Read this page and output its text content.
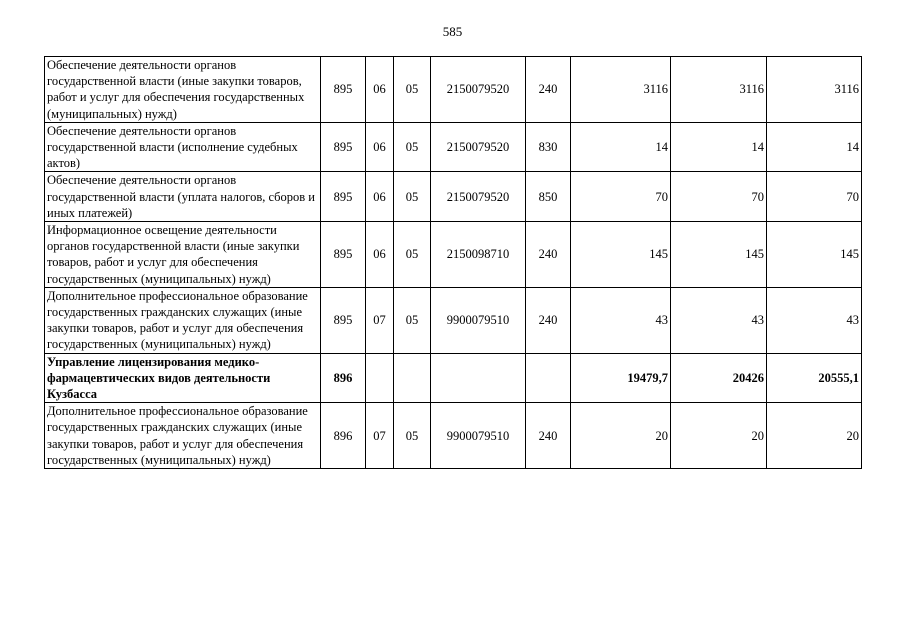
585
Обеспечение деятельности органов государственной власти (иные закупки товаров, работ и услуг для обеспечения государственных (муниципальных) нужд)	895	06	05	2150079520	240	3116	3116	3116
Обеспечение деятельности органов государственной власти (исполнение судебных актов)	895	06	05	2150079520	830	14	14	14
Обеспечение деятельности органов государственной власти (уплата налогов, сборов и иных платежей)	895	06	05	2150079520	850	70	70	70
Информационное освещение деятельности органов государственной власти (иные закупки товаров, работ и услуг для обеспечения государственных (муниципальных) нужд)	895	06	05	2150098710	240	145	145	145
Дополнительное профессиональное образование государственных гражданских служащих (иные закупки товаров, работ и услуг для обеспечения государственных (муниципальных) нужд)	895	07	05	9900079510	240	43	43	43
Управление лицензирования медико-фармацевтических видов деятельности Кузбасса	896					19479,7	20426	20555,1
Дополнительное профессиональное образование государственных гражданских служащих (иные закупки товаров, работ и услуг для обеспечения государственных (муниципальных) нужд)	896	07	05	9900079510	240	20	20	20
